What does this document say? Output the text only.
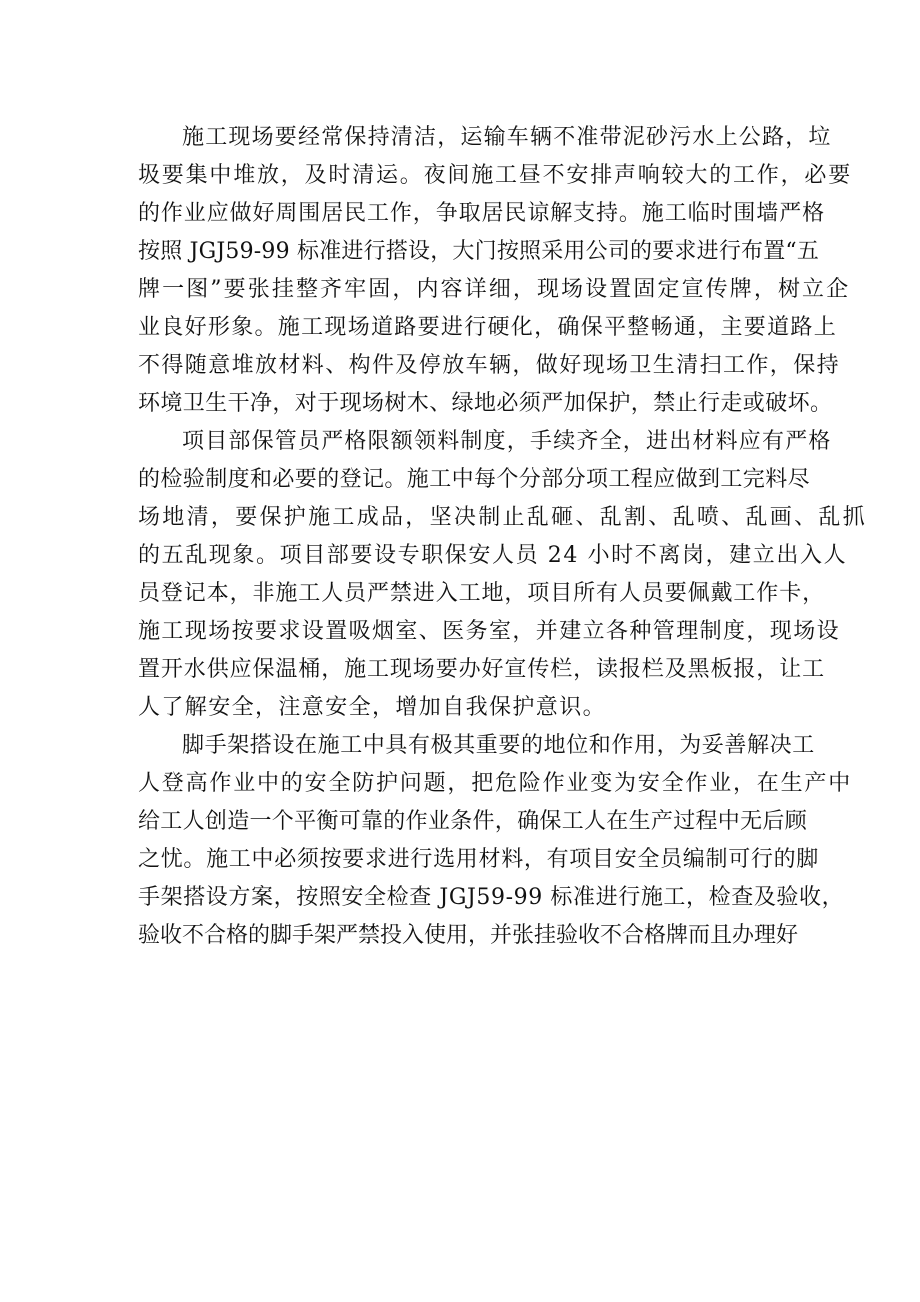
施工现场要经常保持清洁，运输车辆不准带泥砂污水上公路，垃
圾要集中堆放，及时清运。夜间施工昼不安排声响较大的工作，必要
的作业应做好周围居民工作，争取居民谅解支持。施工临时围墙严格
按照 JGJ59-99 标准进行搭设，大门按照采用公司的要求进行布置“五
牌一图”要张挂整齐牢固，内容详细，现场设置固定宣传牌，树立企
业良好形象。施工现场道路要进行硬化，确保平整畅通，主要道路上
不得随意堆放材料、构件及停放车辆，做好现场卫生清扫工作，保持
环境卫生干净，对于现场树木、绿地必须严加保护，禁止行走或破坏。
项目部保管员严格限额领料制度，手续齐全，进出材料应有严格
的检验制度和必要的登记。施工中每个分部分项工程应做到工完料尽
场地清，要保护施工成品，坚决制止乱砸、乱割、乱喷、乱画、乱抓
的五乱现象。项目部要设专职保安人员 24 小时不离岗，建立出入人
员登记本，非施工人员严禁进入工地，项目所有人员要佩戴工作卡，
施工现场按要求设置吸烟室、医务室，并建立各种管理制度，现场设
置开水供应保温桶，施工现场要办好宣传栏，读报栏及黑板报，让工
人了解安全，注意安全，增加自我保护意识。
脚手架搭设在施工中具有极其重要的地位和作用，为妥善解决工
人登高作业中的安全防护问题，把危险作业变为安全作业，在生产中
给工人创造一个平衡可靠的作业条件，确保工人在生产过程中无后顾
之忧。施工中必须按要求进行选用材料，有项目安全员编制可行的脚
手架搭设方案，按照安全检查 JGJ59-99 标准进行施工，检查及验收，
验收不合格的脚手架严禁投入使用，并张挂验收不合格牌而且办理好
